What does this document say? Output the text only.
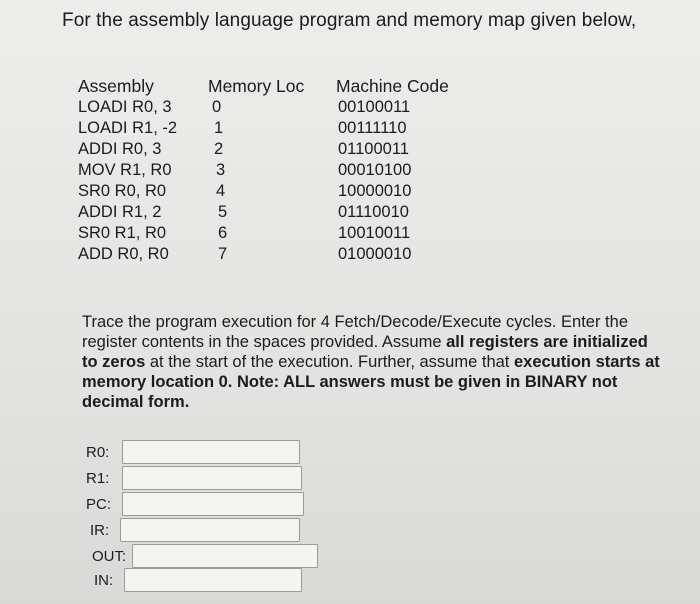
For the assembly language program and memory map given below,
Assembly
LOADI R0, 3
LOADI R1, -2
ADDI R0, 3
MOV R1, R0
SR0 R0, R0
ADDI R1, 2
SR0 R1, R0
ADD R0, R0
Memory Loc
0
1
2
3
4
5
6
7
Machine Code
00100011
00111110
01100011
00010100
10000010
01110010
10010011
01000010
Trace the program execution for 4 Fetch/Decode/Execute cycles. Enter the register contents in the spaces provided. Assume all registers are initialized to zeros at the start of the execution. Further, assume that execution starts at memory location 0. Note: ALL answers must be given in BINARY not decimal form.
R0:
R1:
PC:
IR:
OUT:
IN:
